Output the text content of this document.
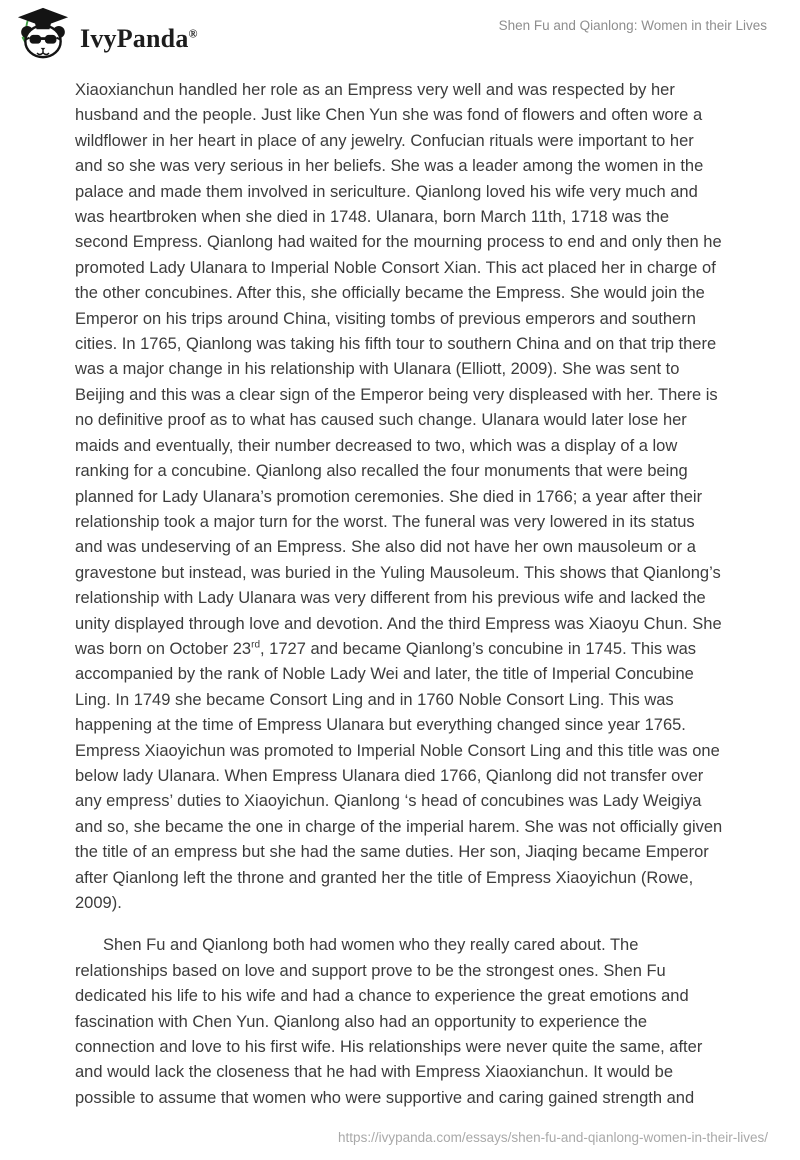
IvyPanda®	Shen Fu and Qianlong: Women in their Lives

Xiaoxianchun handled her role as an Empress very well and was respected by her husband and the people. Just like Chen Yun she was fond of flowers and often wore a wildflower in her heart in place of any jewelry. Confucian rituals were important to her and so she was very serious in her beliefs. She was a leader among the women in the palace and made them involved in sericulture. Qianlong loved his wife very much and was heartbroken when she died in 1748. Ulanara, born March 11th, 1718 was the second Empress. Qianlong had waited for the mourning process to end and only then he promoted Lady Ulanara to Imperial Noble Consort Xian. This act placed her in charge of the other concubines. After this, she officially became the Empress. She would join the Emperor on his trips around China, visiting tombs of previous emperors and southern cities. In 1765, Qianlong was taking his fifth tour to southern China and on that trip there was a major change in his relationship with Ulanara (Elliott, 2009). She was sent to Beijing and this was a clear sign of the Emperor being very displeased with her. There is no definitive proof as to what has caused such change. Ulanara would later lose her maids and eventually, their number decreased to two, which was a display of a low ranking for a concubine. Qianlong also recalled the four monuments that were being planned for Lady Ulanara’s promotion ceremonies. She died in 1766; a year after their relationship took a major turn for the worst. The funeral was very lowered in its status and was undeserving of an Empress. She also did not have her own mausoleum or a gravestone but instead, was buried in the Yuling Mausoleum. This shows that Qianlong’s relationship with Lady Ulanara was very different from his previous wife and lacked the unity displayed through love and devotion. And the third Empress was Xiaoyu Chun. She was born on October 23rd, 1727 and became Qianlong’s concubine in 1745. This was accompanied by the rank of Noble Lady Wei and later, the title of Imperial Concubine Ling. In 1749 she became Consort Ling and in 1760 Noble Consort Ling. This was happening at the time of Empress Ulanara but everything changed since year 1765. Empress Xiaoyichun was promoted to Imperial Noble Consort Ling and this title was one below lady Ulanara. When Empress Ulanara died 1766, Qianlong did not transfer over any empress’ duties to Xiaoyichun. Qianlong ‘s head of concubines was Lady Weigiya and so, she became the one in charge of the imperial harem. She was not officially given the title of an empress but she had the same duties. Her son, Jiaqing became Emperor after Qianlong left the throne and granted her the title of Empress Xiaoyichun (Rowe, 2009).

Shen Fu and Qianlong both had women who they really cared about. The relationships based on love and support prove to be the strongest ones. Shen Fu dedicated his life to his wife and had a chance to experience the great emotions and fascination with Chen Yun. Qianlong also had an opportunity to experience the connection and love to his first wife. His relationships were never quite the same, after and would lack the closeness that he had with Empress Xiaoxianchun. It would be possible to assume that women who were supportive and caring gained strength and

https://ivypanda.com/essays/shen-fu-and-qianlong-women-in-their-lives/
